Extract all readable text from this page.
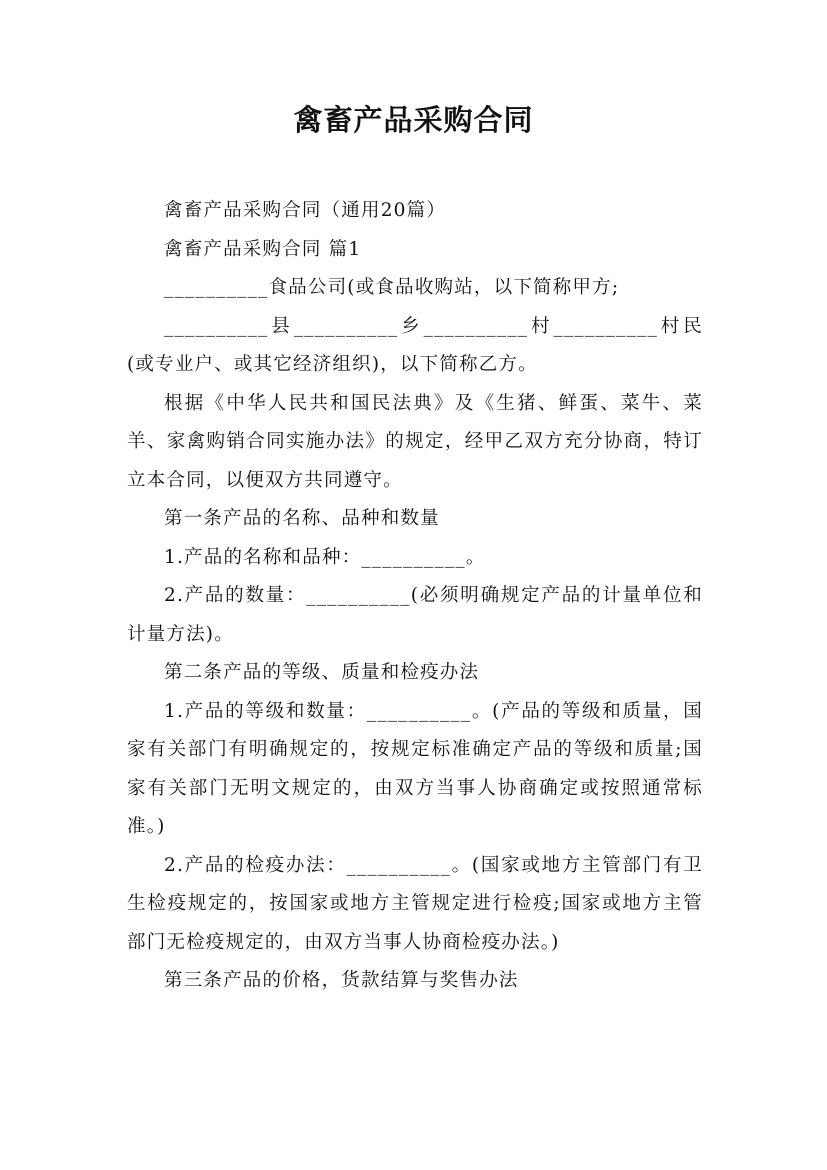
禽畜产品采购合同

禽畜产品采购合同（通用20篇）

禽畜产品采购合同 篇1

__________食品公司(或食品收购站，以下简称甲方;

__________县__________乡__________村__________村民(或专业户、或其它经济组织)，以下简称乙方。

根据《中华人民共和国民法典》及《生猪、鲜蛋、菜牛、菜羊、家禽购销合同实施办法》的规定，经甲乙双方充分协商，特订立本合同，以便双方共同遵守。

第一条产品的名称、品种和数量

1.产品的名称和品种：__________。

2.产品的数量：__________(必须明确规定产品的计量单位和计量方法)。

第二条产品的等级、质量和检疫办法

1.产品的等级和数量：__________。(产品的等级和质量，国家有关部门有明确规定的，按规定标准确定产品的等级和质量;国家有关部门无明文规定的，由双方当事人协商确定或按照通常标准。)

2.产品的检疫办法：__________。(国家或地方主管部门有卫生检疫规定的，按国家或地方主管规定进行检疫;国家或地方主管部门无检疫规定的，由双方当事人协商检疫办法。)

第三条产品的价格，货款结算与奖售办法
